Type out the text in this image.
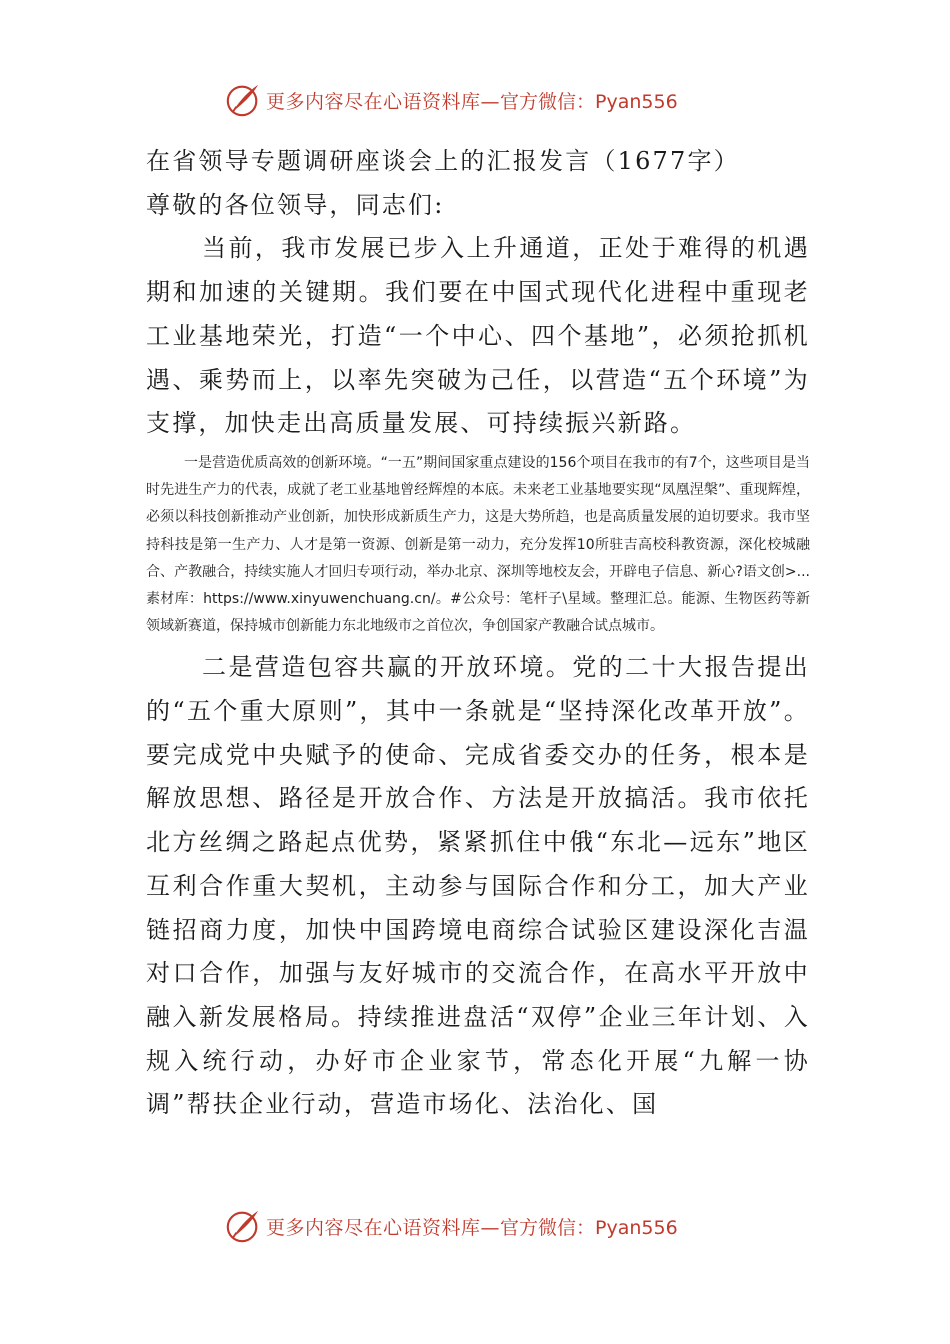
更多内容尽在心语资料库— 官方微信：Pyan556

在省领导专题调研座谈会上的汇报发言（1677字）

尊敬的各位领导，同志们:

当前，我市发展已步入上升通道，正处于难得的机遇期和加速的关键期。我们要在中国式现代化进程中重现老工业基地荣光，打造“一个中心、四个基地”，必须抢抓机遇、乘势而上，以率先突破为己任，以营造“五个环境”为支撑，加快走出高质量发展、可持续振兴新路。

一是营造优质高效的创新环境。“一五”期间国家重点建设的156个项目在我市的有7个，这些项目是当时先进生产力的代表，成就了老工业基地曾经辉煌的本底。未来老工业基地要实现“凤凰涅槃”、重现辉煌，必须以科技创新推动产业创新，加快形成新质生产力，这是大势所趋，也是高质量发展的迫切要求。我市坚持科技是第一生产力、人才是第一资源、创新是第一动力，充分发挥10所驻吉高校科教资源，深化校城融合、产教融合，持续实施人才回归专项行动，举办北京、深圳等地校友会，开辟电子信息、新心?语文创>...素材库：https://www.xinyuwenchuang.cn/。#公众号：笔杆子\星域。整理汇总。能源、生物医药等新领域新赛道，保持城市创新能力东北地级市之首位次，争创国家产教融合试点城市。

二是营造包容共赢的开放环境。党的二十大报告提出的“五个重大原则”，其中一条就是“坚持深化改革开放”。要完成党中央赋予的使命、完成省委交办的任务，根本是解放思想、路径是开放合作、方法是开放搞活。我市依托北方丝绸之路起点优势，紧紧抓住中俄“东北—远东”地区互利合作重大契机，主动参与国际合作和分工，加大产业链招商力度，加快中国跨境电商综合试验区建设深化吉温对口合作，加强与友好城市的交流合作，在高水平开放中融入新发展格局。持续推进盘活“双停”企业三年计划、入规入统行动，办好市企业家节，常态化开展“九解一协调”帮扶企业行动，营造市场化、法治化、国

更多内容尽在心语资料库— 官方微信：Pyan556
